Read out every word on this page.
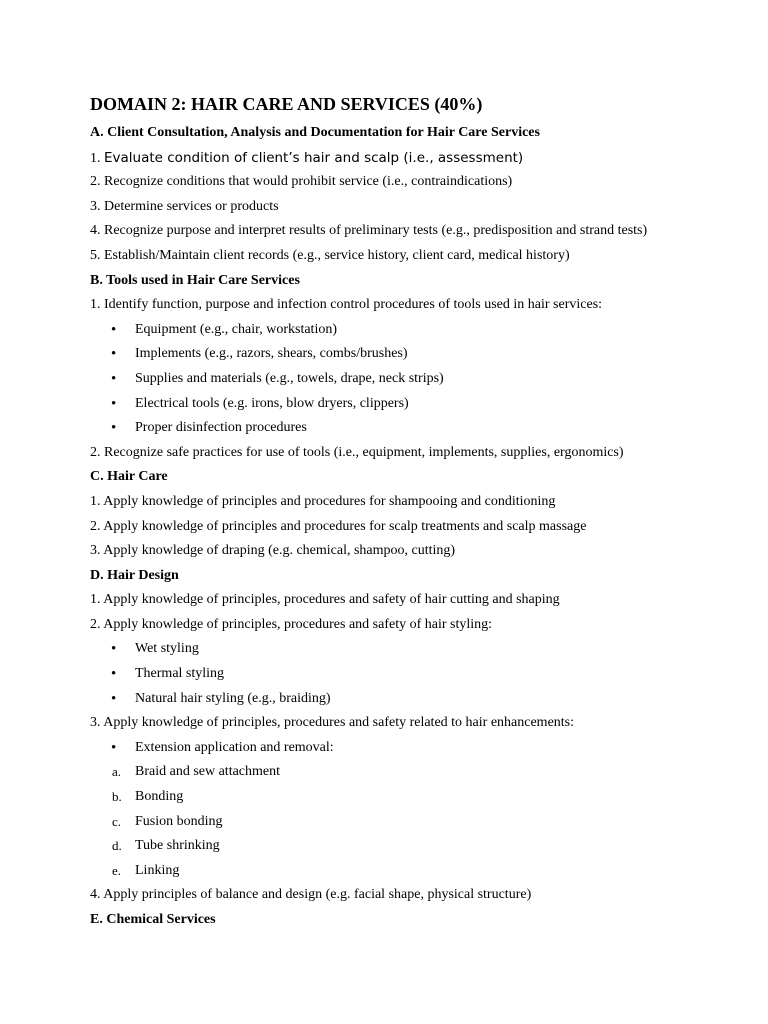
DOMAIN 2: HAIR CARE AND SERVICES (40%)
A. Client Consultation, Analysis and Documentation for Hair Care Services
1. Evaluate condition of client’s hair and scalp (i.e., assessment)
2. Recognize conditions that would prohibit service (i.e., contraindications)
3. Determine services or products
4. Recognize purpose and interpret results of preliminary tests (e.g., predisposition and strand tests)
5. Establish/Maintain client records (e.g., service history, client card, medical history)
B. Tools used in Hair Care Services
1. Identify function, purpose and infection control procedures of tools used in hair services:
• Equipment (e.g., chair, workstation)
• Implements (e.g., razors, shears, combs/brushes)
• Supplies and materials (e.g., towels, drape, neck strips)
• Electrical tools (e.g. irons, blow dryers, clippers)
• Proper disinfection procedures
2. Recognize safe practices for use of tools (i.e., equipment, implements, supplies, ergonomics)
C. Hair Care
1. Apply knowledge of principles and procedures for shampooing and conditioning
2. Apply knowledge of principles and procedures for scalp treatments and scalp massage
3. Apply knowledge of draping (e.g. chemical, shampoo, cutting)
D. Hair Design
1. Apply knowledge of principles, procedures and safety of hair cutting and shaping
2. Apply knowledge of principles, procedures and safety of hair styling:
• Wet styling
• Thermal styling
• Natural hair styling (e.g., braiding)
3. Apply knowledge of principles, procedures and safety related to hair enhancements:
• Extension application and removal:
a. Braid and sew attachment
b. Bonding
c. Fusion bonding
d. Tube shrinking
e. Linking
4. Apply principles of balance and design (e.g. facial shape, physical structure)
E. Chemical Services
